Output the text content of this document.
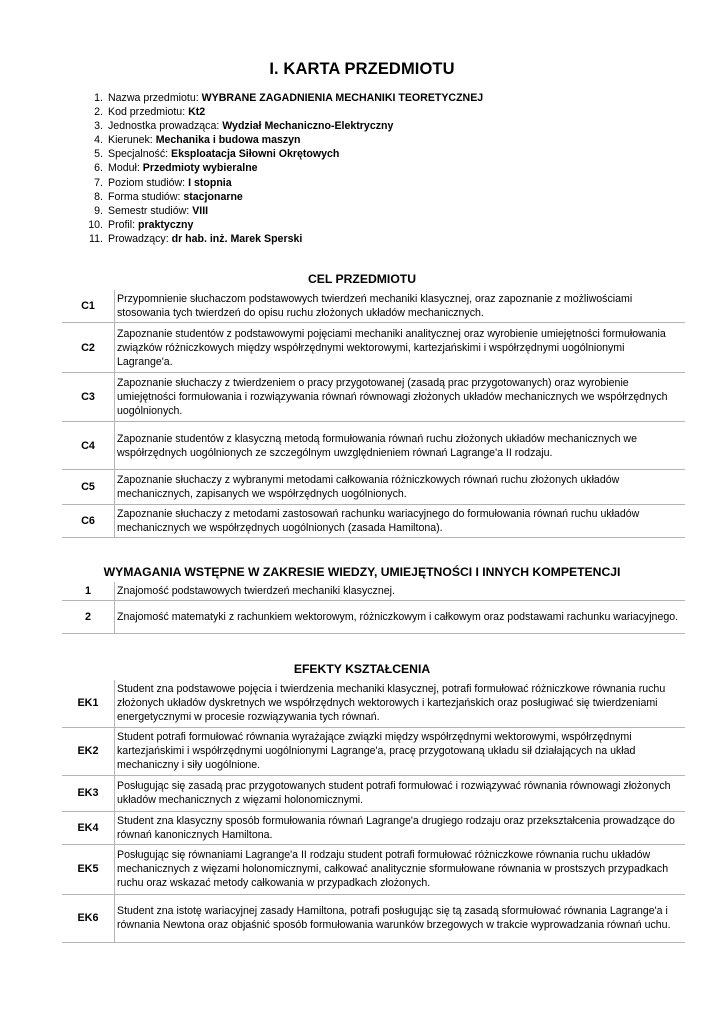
I. KARTA PRZEDMIOTU
1. Nazwa przedmiotu: WYBRANE ZAGADNIENIA MECHANIKI TEORETYCZNEJ
2. Kod przedmiotu: Kt2
3. Jednostka prowadząca: Wydział Mechaniczno-Elektryczny
4. Kierunek: Mechanika i budowa maszyn
5. Specjalność: Eksploatacja Siłowni Okrętowych
6. Moduł: Przedmioty wybieralne
7. Poziom studiów: I stopnia
8. Forma studiów: stacjonarne
9. Semestr studiów: VIII
10. Profil: praktyczny
11. Prowadzący: dr hab. inż. Marek Sperski
CEL PRZEDMIOTU
C1	Przypomnienie słuchaczom podstawowych twierdzeń mechaniki klasycznej, oraz zapoznanie z możliwościami stosowania tych twierdzeń do opisu ruchu złożonych układów mechanicznych.
C2	Zapoznanie studentów z podstawowymi pojęciami mechaniki analitycznej oraz wyrobienie umiejętności formułowania związków różniczkowych między współrzędnymi wektorowymi, kartezjańskimi i współrzędnymi uogólnionymi Lagrange'a.
C3	Zapoznanie słuchaczy z twierdzeniem o pracy przygotowanej (zasadą prac przygotowanych) oraz wyrobienie umiejętności formułowania i rozwiązywania równań równowagi złożonych układów mechanicznych we współrzędnych uogólnionych.
C4	Zapoznanie studentów z klasyczną metodą formułowania równań ruchu złożonych układów mechanicznych we współrzędnych uogólnionych ze szczególnym uwzględnieniem równań Lagrange'a II rodzaju.
C5	Zapoznanie słuchaczy z wybranymi metodami całkowania różniczkowych równań ruchu złożonych układów mechanicznych, zapisanych we współrzędnych uogólnionych.
C6	Zapoznanie słuchaczy z metodami zastosowań rachunku wariacyjnego do formułowania równań ruchu układów mechanicznych we współrzędnych uogólnionych (zasada Hamiltona).
WYMAGANIA WSTĘPNE W ZAKRESIE WIEDZY, UMIEJĘTNOŚCI I INNYCH KOMPETENCJI
1	Znajomość podstawowych twierdzeń mechaniki klasycznej.
2	Znajomość matematyki z rachunkiem wektorowym, różniczkowym i całkowym oraz podstawami rachunku wariacyjnego.
EFEKTY KSZTAŁCENIA
EK1	Student zna podstawowe pojęcia i twierdzenia mechaniki klasycznej, potrafi formułować różniczkowe równania ruchu złożonych układów dyskretnych we współrzędnych wektorowych i kartezjańskich oraz posługiwać się twierdzeniami energetycznymi w procesie rozwiązywania tych równań.
EK2	Student potrafi formułować równania wyrażające związki między współrzędnymi wektorowymi, współrzędnymi kartezjańskimi i współrzędnymi uogólnionymi Lagrange'a, pracę przygotowaną układu sił działających na układ mechaniczny i siły uogólnione.
EK3	Posługując się zasadą prac przygotowanych student potrafi formułować i rozwiązywać równania równowagi złożonych układów mechanicznych z więzami holonomicznymi.
EK4	Student zna klasyczny sposób formułowania równań Lagrange'a drugiego rodzaju oraz przekształcenia prowadzące do równań kanonicznych Hamiltona.
EK5	Posługując się równaniami Lagrange'a II rodzaju student potrafi formułować różniczkowe równania ruchu układów mechanicznych z więzami holonomicznymi, całkować analitycznie sformułowane równania w prostszych przypadkach ruchu oraz wskazać metody całkowania w przypadkach złożonych.
EK6	Student zna istotę wariacyjnej zasady Hamiltona, potrafi posługując się tą zasadą sformułować równania Lagrange'a i równania Newtona oraz objaśnić sposób formułowania warunków brzegowych w trakcie wyprowadzania równań uchu.
